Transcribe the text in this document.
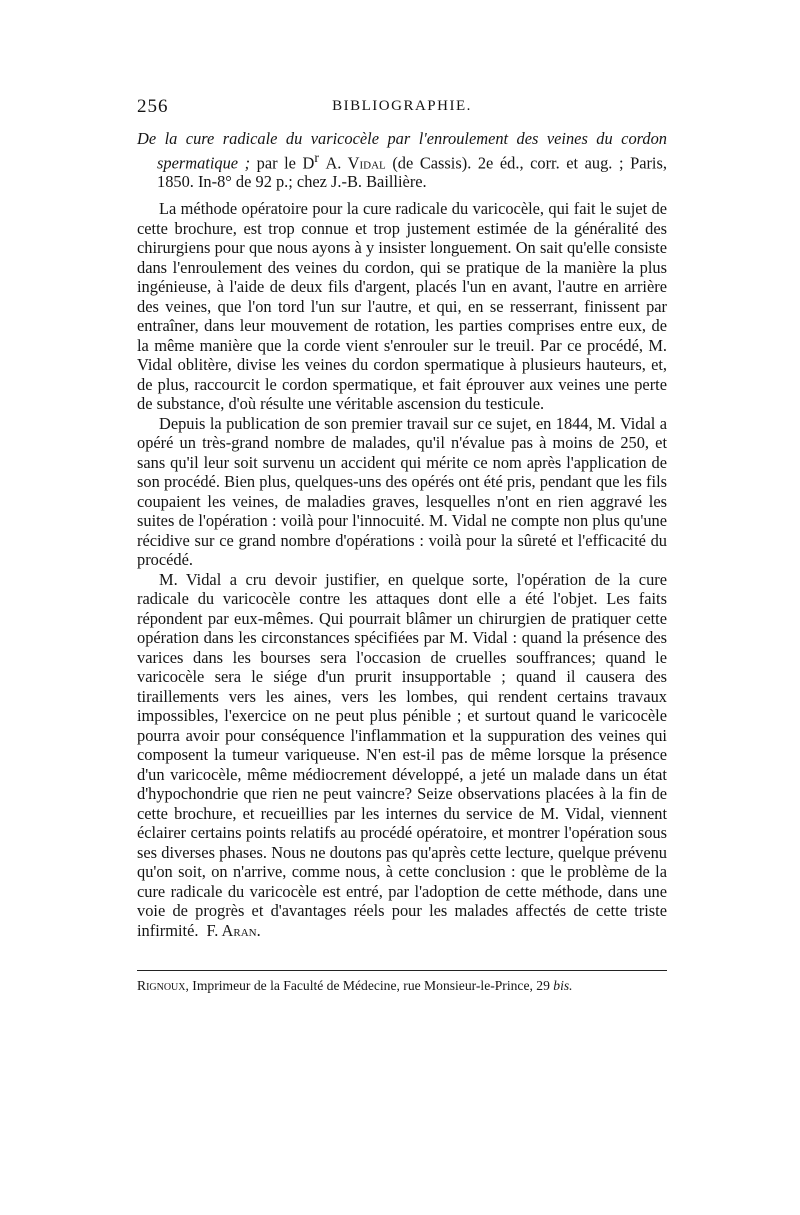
256	BIBLIOGRAPHIE.
De la cure radicale du varicocèle par l'enroulement des veines du cordon spermatique ; par le $D^r$ A. Vidal (de Cassis). 2e éd., corr. et aug. ; Paris, 1850. In-8° de 92 p.; chez J.-B. Baillière.

La méthode opératoire pour la cure radicale du varicocèle, qui fait le sujet de cette brochure, est trop connue et trop justement estimée de la généralité des chirurgiens pour que nous ayons à y insister longuement. On sait qu'elle consiste dans l'enroulement des veines du cordon, qui se pratique de la manière la plus ingénieuse, à l'aide de deux fils d'argent, placés l'un en avant, l'autre en arrière des veines, que l'on tord l'un sur l'autre, et qui, en se resserrant, finissent par entraîner, dans leur mouvement de rotation, les parties comprises entre eux, de la même manière que la corde vient s'enrouler sur le treuil. Par ce procédé, M. Vidal oblitère, divise les veines du cordon spermatique à plusieurs hauteurs, et, de plus, raccourcit le cordon spermatique, et fait éprouver aux veines une perte de substance, d'où résulte une véritable ascension du testicule.

Depuis la publication de son premier travail sur ce sujet, en 1844, M. Vidal a opéré un très-grand nombre de malades, qu'il n'évalue pas à moins de 250, et sans qu'il leur soit survenu un accident qui mérite ce nom après l'application de son procédé. Bien plus, quelques-uns des opérés ont été pris, pendant que les fils coupaient les veines, de maladies graves, lesquelles n'ont en rien aggravé les suites de l'opération : voilà pour l'innocuité. M. Vidal ne compte non plus qu'une récidive sur ce grand nombre d'opérations : voilà pour la sûreté et l'efficacité du procédé.

M. Vidal a cru devoir justifier, en quelque sorte, l'opération de la cure radicale du varicocèle contre les attaques dont elle a été l'objet. Les faits répondent par eux-mêmes. Qui pourrait blâmer un chirurgien de pratiquer cette opération dans les circonstances spécifiées par M. Vidal : quand la présence des varices dans les bourses sera l'occasion de cruelles souffrances; quand le varicocèle sera le siége d'un prurit insupportable ; quand il causera des tiraillements vers les aines, vers les lombes, qui rendent certains travaux impossibles, l'exercice on ne peut plus pénible ; et surtout quand le varicocèle pourra avoir pour conséquence l'inflammation et la suppuration des veines qui composent la tumeur variqueuse. N'en est-il pas de même lorsque la présence d'un varicocèle, même médiocrement développé, a jeté un malade dans un état d'hypochondrie que rien ne peut vaincre? Seize observations placées à la fin de cette brochure, et recueillies par les internes du service de M. Vidal, viennent éclairer certains points relatifs au procédé opératoire, et montrer l'opération sous ses diverses phases. Nous ne doutons pas qu'après cette lecture, quelque prévenu qu'on soit, on n'arrive, comme nous, à cette conclusion : que le problème de la cure radicale du varicocèle est entré, par l'adoption de cette méthode, dans une voie de progrès et d'avantages réels pour les malades affectés de cette triste infirmité. F. Aran.

Rignoux, Imprimeur de la Faculté de Médecine, rue Monsieur-le-Prince, 29 bis.
